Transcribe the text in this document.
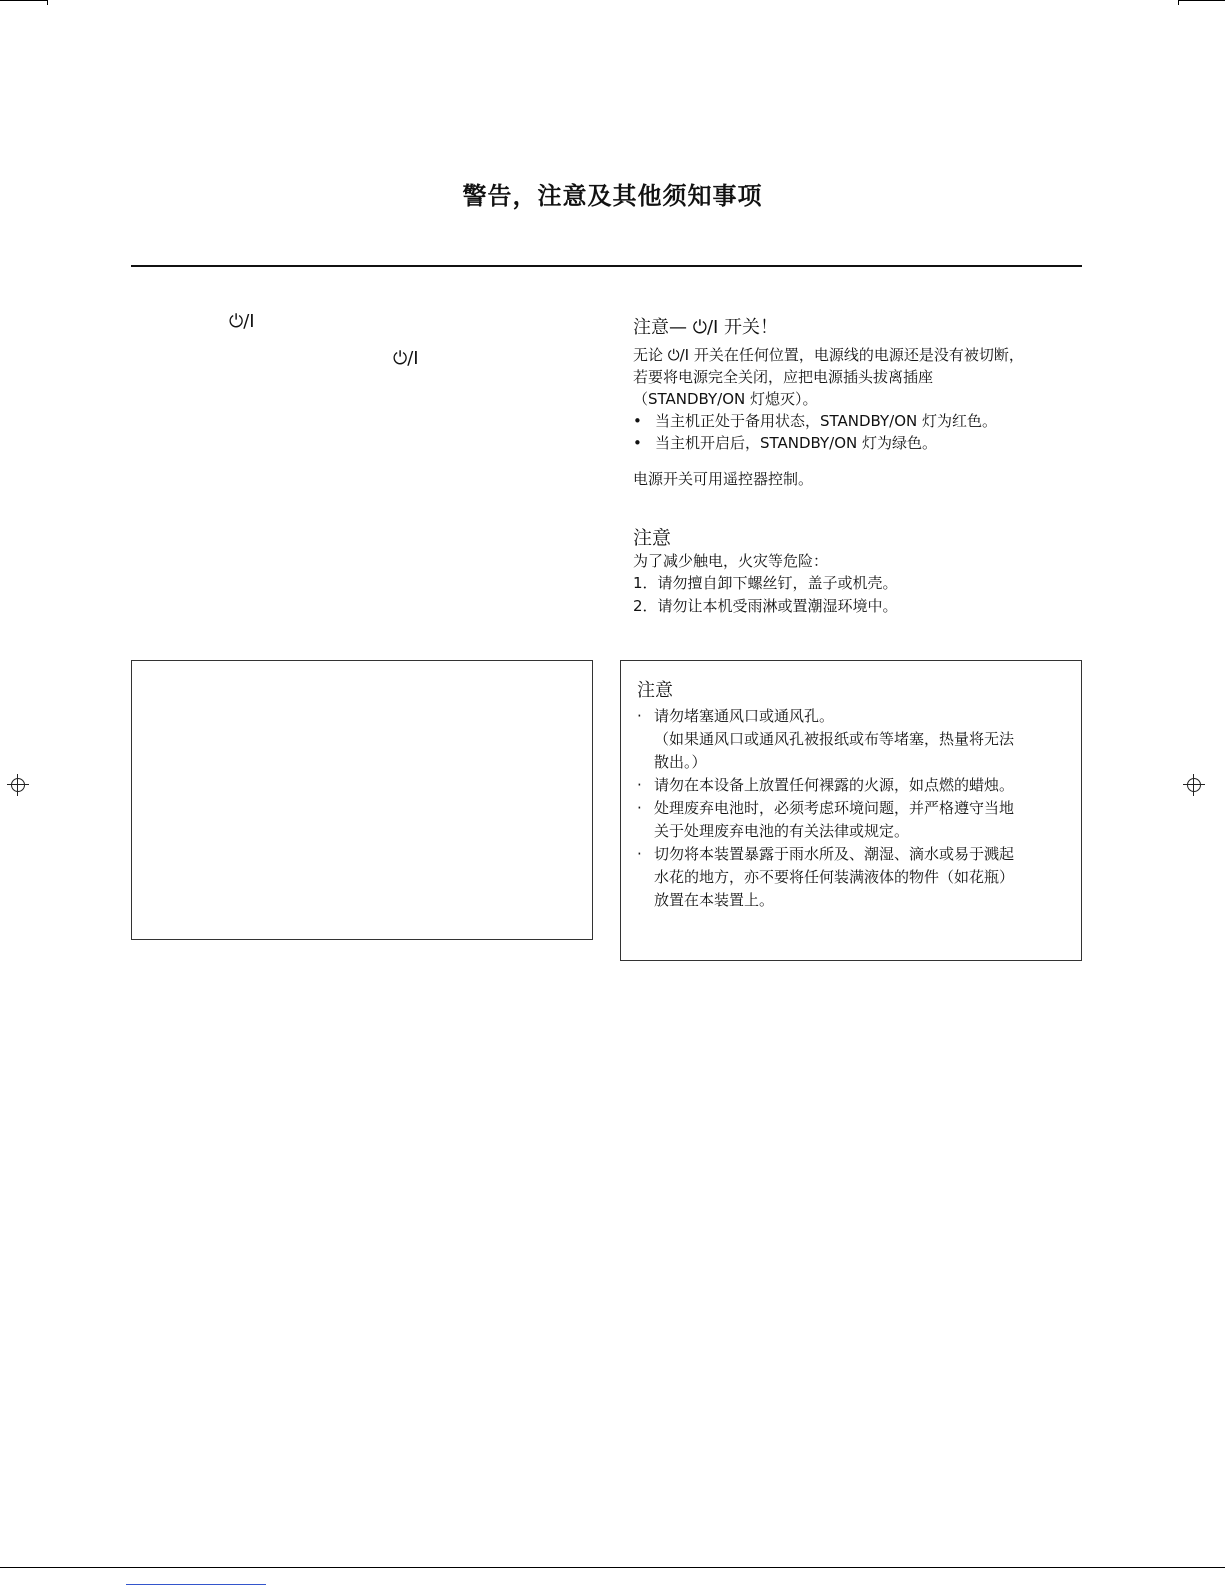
警告，注意及其他须知事项
⏻/I
⏻/I
注意— ⏻/I 开关！

无论 ⏻/I 开关在任何位置，电源线的电源还是没有被切断，

若要将电源完全关闭，应把电源插头拔离插座

（STANDBY/ON 灯熄灭）。

• 当主机正处于备用状态，STANDBY/ON 灯为红色。
• 当主机开启后，STANDBY/ON 灯为绿色。

电源开关可用遥控器控制。

注意

为了减少触电，火灾等危险：

1．请勿擅自卸下螺丝钉，盖子或机壳。

2．请勿让本机受雨淋或置潮湿环境中。

注意
· 请勿堵塞通风口或通风孔。
（如果通风口或通风孔被报纸或布等堵塞，热量将无法散出。）
· 请勿在本设备上放置任何裸露的火源，如点燃的蜡烛。
· 处理废弃电池时，必须考虑环境问题，并严格遵守当地关于处理废弃电池的有关法律或规定。
· 切勿将本装置暴露于雨水所及、潮湿、滴水或易于溅起水花的地方，亦不要将任何装满液体的物件（如花瓶）放置在本装置上。
